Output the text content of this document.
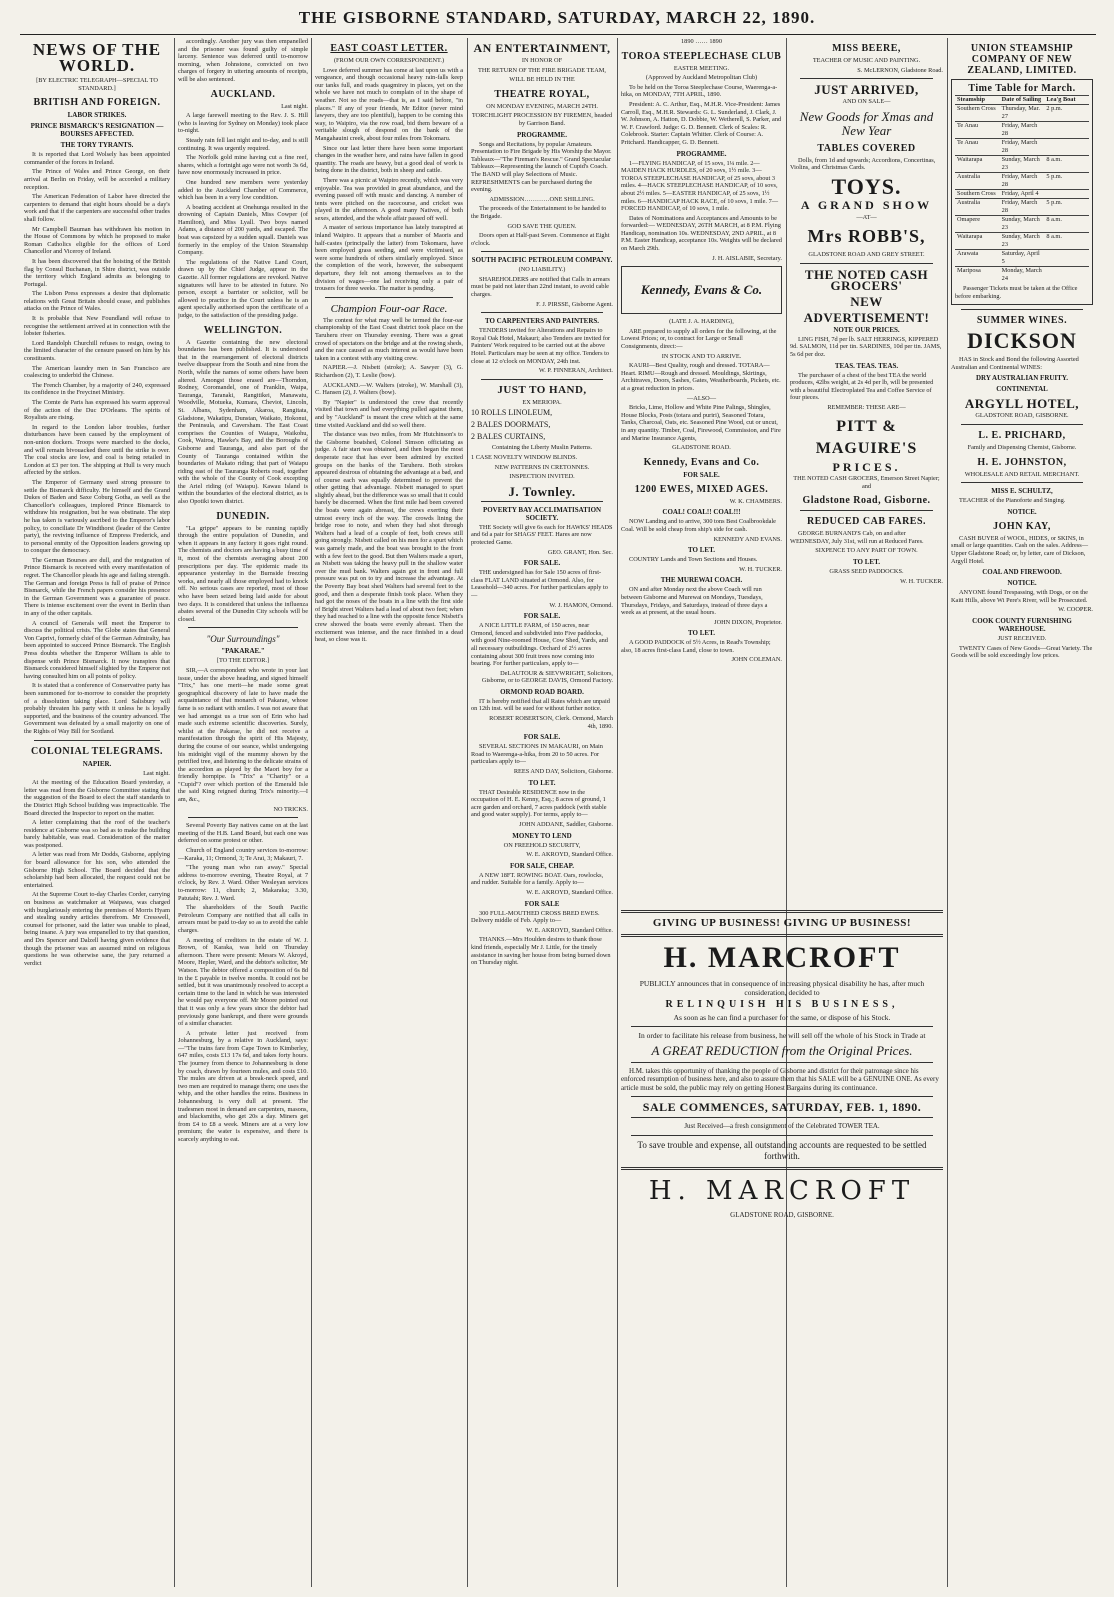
THE GISBORNE STANDARD, SATURDAY, MARCH 22, 1890.
NEWS OF THE WORLD.

[BY ELECTRIC TELEGRAPH—SPECIAL TO STANDARD.]

BRITISH AND FOREIGN.
LABOR STRIKES.
PRINCE BISMARCK'S RESIGNATION —BOURSES AFFECTED.
THE TORY TYRANTS.

It is reported that Lord Wolsely has been appointed commander of the forces in Ireland.

The Prince of Wales and Prince George, on their arrival at Berlin on Friday, will be accorded a military reception.

The American Federation of Labor have directed the carpenters to demand that eight hours should be a day's work and that if the carpenters are successful other trades shall follow.

Mr Campbell Bauman has withdrawn his motion in the House of Commons by which he proposed to make Roman Catholics eligible for the offices of Lord Chancellor and Viceroy of Ireland.

It has been discovered that the hoisting of the British flag by Consul Buchanan, in Shire district, was outside the territory which England admits as belonging to Portugal.

The Lisbon Press expresses a desire that diplomatic relations with Great Britain should cease, and publishes attacks on the Prince of Wales.

It is probable that New Foundland will refuse to recognise the settlement arrived at in connection with the lobster fisheries.

Lord Randolph Churchill refuses to resign, owing to the limited character of the censure passed on him by his constituents.

The American laundry men in San Francisco are coalescing to underbid the Chinese.

The French Chamber, by a majority of 240, expressed its confidence in the Freycinet Ministry.

The Comte de Paris has expressed his warm approval of the action of the Duc D'Orleans. The spirits of Royalists are rising.

In regard to the London labor troubles, further disturbances have been caused by the employment of non-union dockers. Troops were marched to the docks, and will remain bivouacked there until the strike is over. The coal stocks are low, and coal is being retailed in London at £3 per ton. The shipping at Hull is very much affected by the strikes.

The Emperor of Germany used strong pressure to settle the Bismarck difficulty. He himself and the Grand Dukes of Baden and Saxe Coburg Gotha, as well as the Chancellor's colleagues, implored Prince Bismarck to withdraw his resignation, but he was obstinate. The step he has taken is variously ascribed to the Emperor's labor policy, to conciliate Dr Windthorst (leader of the Centre party), the reviving influence of Empress Frederick, and to personal enmity of the Opposition leaders growing up to conquer the democracy.

The German Bourses are dull, and the resignation of Prince Bismarck is received with every manifestation of regret. The Chancellor pleads his age and failing strength. The German and foreign Press is full of praise of Prince Bismarck, while the French papers consider his presence in the German Government was a guarantee of peace. There is intense excitement over the event in Berlin than in any of the other capitals.

A council of Generals will meet the Emperor to discuss the political crisis. The Globe states that General Von Caprivi, formerly chief of the German Admiralty, has been appointed to succeed Prince Bismarck. The English Press doubts whether the Emperor William is able to dispense with Prince Bismarck. It now transpires that Bismarck considered himself slighted by the Emperor not having consulted him on all points of policy.

It is stated that a conference of Conservative party has been summoned for to-morrow to consider the propriety of a dissolution taking place. Lord Salisbury will probably threaten his party with it unless he is loyally supported, and the business of the country advanced. The Government was defeated by a small majority on one of the Rights of Way Bill for Scotland.

COLONIAL TELEGRAMS.
NAPIER.

Last night.

At the meeting of the Education Board yesterday, a letter was read from the Gisborne Committee stating that the suggestion of the Board to elect the staff standards to the District High School building was impracticable. The Board directed the Inspector to report on the matter.

A letter complaining that the roof of the teacher's residence at Gisborne was so bad as to make the building barely habitable, was read. Consideration of the matter was postponed.

A letter was read from Mr Dodds, Gisborne, applying for board allowance for his son, who attended the Gisborne High School. The Board decided that the scholarship had been allocated, the request could not be entertained.

At the Supreme Court to-day Charles Corder, carrying on business as watchmaker at Waipawa, was charged with burglariously entering the premises of Morris Hyam and stealing sundry articles therefrom. Mr Cresswell, counsel for prisoner, said the latter was unable to plead, being insane. A jury was empanelled to try that question, and Drs Spencer and Dalzell having given evidence that though the prisoner was an assumed mind on religious questions he was otherwise sane, the jury returned a verdict

accordingly. Another jury was then empanelled and the prisoner was found guilty of simple larceny. Sentence was deferred until to-morrow morning, when Johnstone, convicted on two charges of forgery in uttering amounts of receipts, will be also sentenced.

AUCKLAND.

Last night.

A large farewell meeting to the Rev. J. S. Hill (who is leaving for Sydney on Monday) took place to-night.

Steady rain fell last night and to-day, and is still continuing. It was urgently required.

The Norfolk gold mine having cut a fine reef, shares, which a fortnight ago were not worth 3s 6d, have now enormously increased in price.

One hundred new members were yesterday added to the Auckland Chamber of Commerce, which has been in a very low condition.

A boating accident at Onehunga resulted in the drowning of Captain Daniels, Miss Cowper (of Hamilton), and Miss Lyall. Two boys named Adams, a distance of 200 yards, and escaped. The boat was capsized by a sudden squall. Daniels was formerly in the employ of the Union Steamship Company.

The regulations of the Native Land Court, drawn up by the Chief Judge, appear in the Gazette. All former regulations are revoked. Native signatures will have to be attested in future. No person, except a barrister or solicitor, will be allowed to practice in the Court unless he is an agent specially authorised upon the certificate of a judge, to the satisfaction of the presiding judge.

WELLINGTON.

A Gazette containing the new electoral boundaries has been published. It is understood that in the rearrangement of electoral districts twelve disappear from the South and nine from the North, while the names of some others have been altered. Amongst those erased are—Thorndon, Rodney, Coromandel, one of Franklin, Waipa, Tauranga, Taranaki, Rangitikei, Manawatu, Woodville, Motueka, Kumara, Cheviot, Lincoln, St. Albans, Sydenham, Akaroa, Rangitata, Gladstone, Wakatipu, Dunstan, Waikato, Hokonui, the Peninsula, and Caversham. The East Coast comprises the Counties of Waiapu, Waikohu, Cook, Wairoa, Hawke's Bay, and the Boroughs of Gisborne and Tauranga, and also part of the County of Tauranga contained within the boundaries of Makato riding; that part of Waiapu riding east of the Tauranga Roberts road, together with the whole of the County of Cook excepting the Ariel riding (of Waiapu). Kawau Island is within the boundaries of the electoral district, as is also Opotiki town district.

DUNEDIN.

"La grippe" appears to be running rapidly through the entire population of Dunedin, and when it appears in any factory it goes right round. The chemists and doctors are having a busy time of it, most of the chemists averaging about 200 prescriptions per day. The epidemic made its appearance yesterday in the Burnside freezing works, and nearly all those employed had to knock off. No serious cases are reported, most of those who have been seized being laid aside for about two days. It is considered that unless the influenza abates several of the Dunedin City schools will be closed.

"Our Surroundings"
"PAKARAE."

[TO THE EDITOR.]

SIR,—A correspondent who wrote in your last issue, under the above heading, and signed himself "Trix," has one merit—he made some great geographical discovery of late to have made the acquaintance of that monarch of Pakarae, whose fame is so radiant with smiles. I was not aware that we had amongst us a true son of Erin who had made such extreme scientific discoveries. Surely, whilst at the Pakarae, he did not receive a manifestation through the spirit of His Majesty, during the course of our seance, whilst undergoing his midnight vigil of the mummy shown by the petrified tree, and listening to the delicate strains of the accordion as played by the Maori boy for a friendly hornpipe. Is "Trix" a "Charity" or a "Cupid"? over which portion of the Emerald Isle the said King reigned during Trix's minority.—I am, &c.,

NO TRICKS.

Several Poverty Bay natives came on at the last meeting of the H.B. Land Board, but each one was deferred on some protest or other.

Church of England country services to-morrow:—Karaka, 11; Ormond, 3; Te Arai, 3; Makauri, 7.

"The young man who ran away." Special address to-morrow evening, Theatre Royal, at 7 o'clock, by Rev. J. Ward. Other Wesleyan services to-morrow: 11, church; 2, Makaraka; 3.30, Patutahi; Rev. J. Ward.

The shareholders of the South Pacific Petroleum Company are notified that all calls in arrears must be paid to-day so as to avoid the cable charges.

A meeting of creditors in the estate of W. J. Brown, of Karaka, was held on Thursday afternoon. There were present: Messrs W. Akroyd, Moore, Hepler, Ward, and the debtor's solicitor, Mr Watson. The debtor offered a composition of 6s 8d in the £ payable in twelve months. It could not be settled, but it was unanimously resolved to accept a certain time to the land in which he was interested he would pay everyone off. Mr Moore pointed out that it was only a few years since the debtor had previously gone bankrupt, and there were grounds of a similar character.

A private letter just received from Johannesburg, by a relative in Auckland, says:—"The trains fare from Cape Town to Kimberley, 647 miles, costs £13 17s 6d, and takes forty hours. The journey from thence to Johannesburg is done by coach, drawn by fourteen mules, and costs £10. The mules are driven at a break-neck speed, and two men are required to manage them; one uses the whip, and the other handles the reins. Business in Johannesburg is very dull at present. The tradesmen most in demand are carpenters, masons, and blacksmiths, who get 20s a day. Miners get from £4 to £8 a week. Miners are at a very low premium; the water is expensive, and there is scarcely anything to eat.

EAST COAST LETTER.

(FROM OUR OWN CORRESPONDENT.)

Lowe deferred summer has come at last upon us with a vengeance, and though occasional heavy rain-falls keep our tanks full, and roads quagmirey in places, yet on the whole we have not much to complain of in the shape of weather. Not so the roads—that is, as I said before, "in places." If any of your friends, Mr Editor (never mind lawyers, they are too plentiful), happen to be coming this way, to Waipiro, via the row road, bid them beware of a veritable slough of despond on the bank of the Mangahauini creek, about four miles from Tokomaru.

Since our last letter there have been some important changes in the weather here, and rains have fallen in good quantity. The roads are heavy, but a good deal of work is being done in the district, both in sheep and cattle.

There was a picnic at Waipiro recently, which was very enjoyable. Tea was provided in great abundance, and the evening passed off with music and dancing. A number of tents were pitched on the racecourse, and cricket was played in the afternoon. A good many Natives, of both sexes, attended, and the whole affair passed off well.

A master of serious importance has lately transpired at inland Waipiro. It appears that a number of Maoris and half-castes (principally the latter) from Tokomaru, have been employed grass seeding, and were victimised, as were some hundreds of others similarly employed. Since the completion of the work, however, the subsequent departure, they felt not among themselves as to the division of wages—one lad receiving only a pair of trousers for three weeks. The matter is pending.

Champion Four-oar Race.

The contest for what may well be termed the four-oar championship of the East Coast district took place on the Taruheru river on Thursday evening. There was a great crowd of spectators on the bridge and at the rowing sheds, and the race caused as much interest as would have been taken in a contest with any visiting crew.

NAPIER.—J. Nisbett (stroke); A. Sawyer (3), G. Richardson (2), T. Leslie (bow).

AUCKLAND.—W. Walters (stroke), W. Marshall (3), C. Hansen (2), J. Walters (bow).

By "Napier" is understood the crew that recently visited that town and had everything pulled against them, and by "Auckland" is meant the crew which at the same time visited Auckland and did so well there.

The distance was two miles, from Mr Hutchinson's to the Gisborne boatshed, Colonel Simson officiating as judge. A fair start was obtained, and then began the most desperate race that has ever been admired by excited groups on the banks of the Taruheru. Both strokes appeared desirous of obtaining the advantage at a bad, and of course each was equally determined to prevent the other getting that advantage. Nisbett managed to spurt slightly ahead, but the difference was so small that it could barely be discerned. When the first mile had been covered the boats were again abreast, the crews exerting their utmost every inch of the way. The crowds lining the bridge rose to note, and when they had shot through Walters had a lead of a couple of feet, both crews still going strongly. Nisbett called on his men for a spurt which was gamely made, and the boat was brought to the front with a few feet to the good. But then Walters made a spurt, as Nisbett was taking the heavy pull in the shallow water over the mud bank. Walters again got in front and full pressure was put on to try and increase the advantage. At the Poverty Bay boat shed Walters had several feet to the good, and then a desperate finish took place. When they had got the noses of the boats in a line with the first side of Bright street Walters had a lead of about two feet; when they had reached to a line with the opposite fence Nisbett's crew showed the boats were evenly abreast. Then the excitement was intense, and the race finished in a dead heat, so close was it.

AN ENTERTAINMENT,

IN HONOR OF

THE RETURN OF THE FIRE BRIGADE TEAM,

WILL BE HELD IN THE

THEATRE ROYAL,

ON MONDAY EVENING, MARCH 24TH.

TORCHLIGHT PROCESSION BY FIREMEN, headed by Garrison Band.

PROGRAMME.

Songs and Recitations, by popular Amateurs. Presentation to Fire Brigade by His Worship the Mayor. Tableaux—"The Fireman's Rescue." Grand Spectacular Tableaux—Representing the launch of Cupid's Coach. The BAND will play Selections of Music. REFRESHMENTS can be purchased during the evening.

ADMISSION…………ONE SHILLING.

The proceeds of the Entertainment to be handed to the Brigade.

GOD SAVE THE QUEEN.

Doors open at Half-past Seven. Commence at Eight o'clock.

SOUTH PACIFIC PETROLEUM COMPANY.

(NO LIABILITY.)

SHAREHOLDERS are notified that Calls in arrears must be paid not later than 22nd instant, to avoid cable charges.

F. J. PIRSSE, Gisborne Agent.

TO CARPENTERS AND PAINTERS.

TENDERS invited for Alterations and Repairs to Royal Oak Hotel, Makauri; also Tenders are invited for Painters' Work required to be carried out at the above Hotel. Particulars may be seen at my office. Tenders to close at 12 o'clock on MONDAY, 24th inst.

W. P. FINNERAN, Architect.

JUST TO HAND,

EX MERIOPA.

10 ROLLS LINOLEUM,

2 BALES DOORMATS,

2 BALES CURTAINS,

Containing the Liberty Muslin Patterns.

1 CASE NOVELTY WINDOW BLINDS.

NEW PATTERNS IN CRETONNES.

INSPECTION INVITED.

J. Townley.
POVERTY BAY ACCLIMATISATION SOCIETY.

THE Society will give 6s each for HAWKS' HEADS and 6d a pair for SHAGS' FEET. Hares are now protected Game.

GEO. GRANT, Hon. Sec.

FOR SALE.

THE undersigned has for Sale 150 acres of first-class FLAT LAND situated at Ormond. Also, for Leasehold—340 acres. For further particulars apply to—

W. J. HAMON, Ormond.

FOR SALE.

A NICE LITTLE FARM, of 150 acres, near Ormond, fenced and subdivided into Five paddocks, with good Nine-roomed House, Cow Shed, Yards, and all necessary outbuildings. Orchard of 2½ acres containing about 300 fruit trees now coming into bearing. For further particulars, apply to—

DeLAUTOUR & SIEVWRIGHT, Solicitors, Gisborne, or to GEORGE DAVIS, Ormond Factory.

ORMOND ROAD BOARD.

IT is hereby notified that all Rates which are unpaid on 12th inst. will be sued for without further notice.

ROBERT ROBERTSON, Clerk. Ormond, March 4th, 1890.

FOR SALE.

SEVERAL SECTIONS IN MAKAURI, on Main Road to Waerenga-a-hika, from 20 to 50 acres. For particulars apply to—

REES AND DAY, Solicitors, Gisborne.

TO LET.

THAT Desirable RESIDENCE now in the occupation of H. E. Kenny, Esq.; 8 acres of ground, 1 acre garden and orchard, 7 acres paddock (with stable and good water supply). For terms, apply to—

JOHN ADDANE, Saddler, Gisborne.

MONEY TO LEND

ON FREEHOLD SECURITY,

W. E. AKROYD, Standard Office.

FOR SALE, CHEAP.

A NEW 18FT. ROWING BOAT. Oars, rowlocks, and rudder. Suitable for a family. Apply to—

W. E. AKROYD, Standard Office.

FOR SALE

300 FULL-MOUTHED CROSS BRED EWES. Delivery middle of Feb. Apply to—

W. E. AKROYD, Standard Office.

THANKS.—Mrs Houlden desires to thank those kind friends, especially Mr J. Little, for the timely assistance in saving her house from being burned down on Thursday night.

1890 …… 1890

TOROA STEEPLECHASE CLUB

EASTER MEETING.

(Approved by Auckland Metropolitan Club)

To be held on the Toroa Steeplechase Course, Waerenga-a-hika, on MONDAY, 7TH APRIL, 1890.

President: A. C. Arthur, Esq., M.H.R. Vice-President: James Carroll, Esq., M.H.R. Stewards: G. L. Sunderland, J. Clark, J. W. Johnson, A. Hatton, D. Dobbie, W. Wetherell, S. Parker, and W. F. Crawford. Judge: G. D. Bennett. Clerk of Scales: R. Colebrook. Starter: Captain Whitter. Clerk of Course: A. Pritchard. Handicapper, G. D. Bennett.

PROGRAMME.

1—FLYING HANDICAP, of 15 sovs, 1¼ mile. 2—MAIDEN HACK HURDLES, of 20 sovs, 1½ mile. 3—TOROA STEEPLECHASE HANDICAP, of 25 sovs, about 3 miles. 4—HACK STEEPLECHASE HANDICAP, of 10 sovs, about 2½ miles. 5—EASTER HANDICAP, of 25 sovs, 1½ miles. 6—HANDICAP HACK RACE, of 10 sovs, 1 mile. 7—FORCED HANDICAP, of 10 sovs, 1 mile.

Dates of Nominations and Acceptances and Amounts to be forwarded:— WEDNESDAY, 26TH MARCH, at 8 P.M. Flying Handicap, nomination 10s. WEDNESDAY, 2ND APRIL, at 8 P.M. Easter Handicap, acceptance 10s. Weights will be declared on March 29th.

J. H. AISLABIE, Secretary.

Kennedy, Evans & Co.

(LATE J. A. HARDING),

ARE prepared to supply all orders for the following, at the Lowest Prices; or, to contract for Large or Small Consignments, direct:—

IN STOCK AND TO ARRIVE.

KAURI—Best Quality, rough and dressed. TOTARA—Heart. RIMU—Rough and dressed. Mouldings, Skirtings, Architraves, Doors, Sashes, Gates, Weatherboards, Pickets, etc. at a great reduction in prices.

—ALSO—

Bricks, Lime, Hollow and White Pine Palings, Shingles, House Blocks, Posts (totara and puriri), Seasoned Totara, Tanks, Charcoal, Oats, etc. Seasoned Pine Wood, cut or uncut, in any quantity. Timber, Coal, Firewood, Commission, and Fire and Marine Insurance Agents,

GLADSTONE ROAD.

Kennedy, Evans and Co.
FOR SALE.
1200 EWES, MIXED AGES.

W. K. CHAMBERS.

COAL! COAL!! COAL!!!

NOW Landing and to arrive, 300 tons Best Coalbrookdale Coal. Will be sold cheap from ship's side for cash.

KENNEDY AND EVANS.

TO LET.

COUNTRY Lands and Town Sections and Houses.

W. H. TUCKER.

THE MUREWAI COACH.

ON and after Monday next the above Coach will run between Gisborne and Murewai on Mondays, Tuesdays, Thursdays, Fridays, and Saturdays, instead of three days a week as at present, at the usual hours.

JOHN DIXON, Proprietor.

TO LET.

A GOOD PADDOCK of 5½ Acres, in Read's Township; also, 18 acres first-class Land, close to town.

JOHN COLEMAN.

MISS BEERE,

TEACHER OF MUSIC AND PAINTING.

S. McLERNON, Gladstone Road.

JUST ARRIVED,

AND ON SALE—

New Goods for Xmas and New Year
TABLES COVERED

Dolls, from 1d and upwards; Accordions, Concertinas, Violins, and Christmas Cards.

TOYS.
A GRAND SHOW

—AT—

Mrs ROBB'S,

GLADSTONE ROAD AND GREY STREET.

THE NOTED CASH GROCERS'
NEW
ADVERTISEMENT!
NOTE OUR PRICES.

LING FISH, 7d per lb. SALT HERRINGS, KIPPERED 9d. SALMON, 11d per tin. SARDINES, 10d per tin. JAMS, 5s 6d per doz.

TEAS. TEAS. TEAS.

The purchaser of a chest of the best TEA the world produces, 42lbs weight, at 2s 4d per lb, will be presented with a beautiful Electroplated Tea and Coffee Service of four pieces.

REMEMBER: THESE ARE—

PITT & MAGUIRE'S
PRICES.

THE NOTED CASH GROCERS, Emerson Street Napier; and

Gladstone Road, Gisborne.
REDUCED CAB FARES.

GEORGE BURNAND'S Cab, on and after WEDNESDAY, July 31st, will run at Reduced Fares.

SIXPENCE TO ANY PART OF TOWN.

TO LET.

GRASS SEED PADDOCKS.

W. H. TUCKER.

GIVING UP BUSINESS! GIVING UP BUSINESS!
H. MARCROFT

PUBLICLY announces that in consequence of increasing physical disability he has, after much consideration, decided to

RELINQUISH HIS BUSINESS,

As soon as he can find a purchaser for the same, or dispose of his Stock.

In order to facilitate his release from business, he will sell off the whole of his Stock in Trade at

A GREAT REDUCTION from the Original Prices.

H.M. takes this opportunity of thanking the people of Gisborne and district for their patronage since his enforced resumption of business here, and also to assure them that his SALE will be a GENUINE ONE. As every article must be sold, the public may rely on getting Honest Bargains during its continuance.

SALE COMMENCES, SATURDAY, FEB. 1, 1890.

Just Received—a fresh consignment of the Celebrated TOWER TEA.

To save trouble and expense, all outstanding accounts are requested to be settled forthwith.

H. MARCROFT

GLADSTONE ROAD, GISBORNE.

UNION STEAMSHIP COMPANY OF NEW ZEALAND, LIMITED.
Time Table for March.
Steamship	Date of Sailing Lea'g Boat
Southern Cross Thursday, Mar. 27
2 p.m.
Te Anau	Friday, March 28
Te Anau	Friday, March 28
Waitarapa	Sunday, March 23
8 a.m.
Australia	Friday, March 28
5 p.m.
Southern Cross Friday, April 4
Australia	Friday, March 28
5 p.m.
Omapere	Sunday, March 23
8 a.m.
Waitarapa	Sunday, March 23
8 a.m.
Arawata	Saturday, April 5
Mariposa	Monday, March 24

Passenger Tickets must be taken at the Office before embarking.

SUMMER WINES.
DICKSON

HAS in Stock and Bond the following Assorted Australian and Continental WINES:

DRY AUSTRALIAN FRUITY.
CONTINENTAL
ARGYLL HOTEL,

GLADSTONE ROAD, GISBORNE.

L. E. PRICHARD,

Family and Dispensing Chemist, Gisborne.

H. E. JOHNSTON,

WHOLESALE AND RETAIL MERCHANT.

MISS E. SCHULTZ,

TEACHER of the Pianoforte and Singing.

NOTICE.
JOHN KAY,

CASH BUYER of WOOL, HIDES, or SKINS, in small or large quantities. Cash on the sales. Address—Upper Gladstone Road; or, by letter, care of Dickson, Argyll Hotel.

COAL AND FIREWOOD.
NOTICE.

ANYONE found Trespassing, with Dogs, or on the Kaiti Hills, above Wi Pere's River, will be Prosecuted.

W. COOPER.

COOK COUNTY FURNISHING WAREHOUSE.

JUST RECEIVED.

TWENTY Cases of New Goods—Great Variety. The Goods will be sold exceedingly low prices.
